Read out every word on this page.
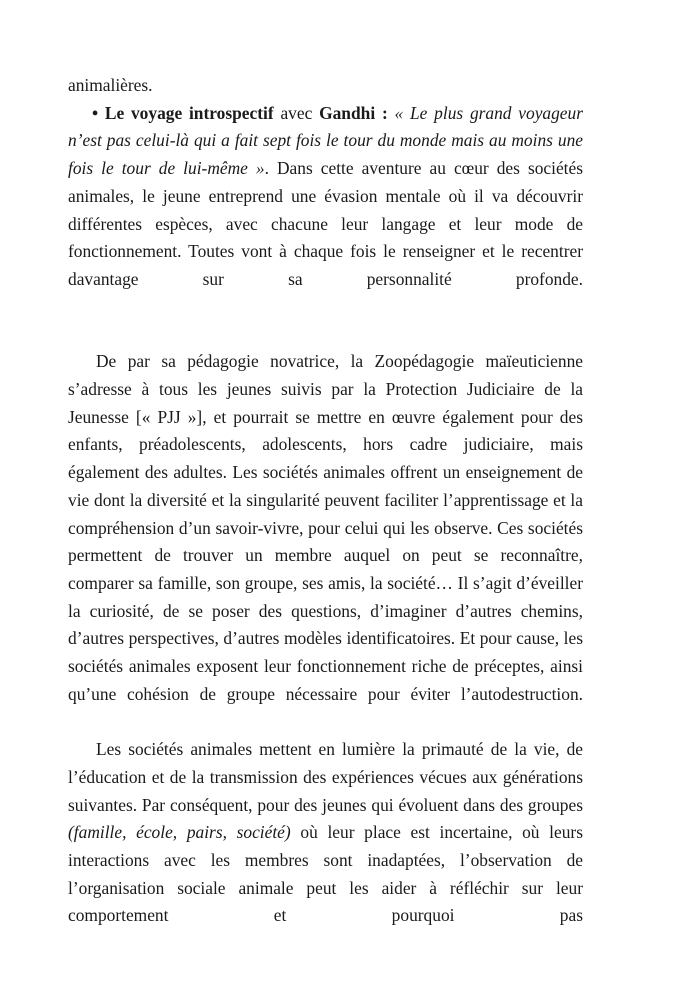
animalières.

• Le voyage introspectif avec Gandhi : « Le plus grand voyageur n’est pas celui-là qui a fait sept fois le tour du monde mais au moins une fois le tour de lui-même ». Dans cette aventure au cœur des sociétés animales, le jeune entreprend une évasion mentale où il va découvrir différentes espèces, avec chacune leur langage et leur mode de fonctionnement. Toutes vont à chaque fois le renseigner et le recentrer davantage sur sa personnalité profonde.

De par sa pédagogie novatrice, la Zoopédagogie maïeuticienne s’adresse à tous les jeunes suivis par la Protection Judiciaire de la Jeunesse [« PJJ »], et pourrait se mettre en œuvre également pour des enfants, préadolescents, adolescents, hors cadre judiciaire, mais également des adultes. Les sociétés animales offrent un enseignement de vie dont la diversité et la singularité peuvent faciliter l’apprentissage et la compréhension d’un savoir-vivre, pour celui qui les observe. Ces sociétés permettent de trouver un membre auquel on peut se reconnaître, comparer sa famille, son groupe, ses amis, la société… Il s’agit d’éveiller la curiosité, de se poser des questions, d’imaginer d’autres chemins, d’autres perspectives, d’autres modèles identificatoires. Et pour cause, les sociétés animales exposent leur fonctionnement riche de préceptes, ainsi qu’une cohésion de groupe nécessaire pour éviter l’autodestruction.

Les sociétés animales mettent en lumière la primauté de la vie, de l’éducation et de la transmission des expériences vécues aux générations suivantes. Par conséquent, pour des jeunes qui évoluent dans des groupes (famille, école, pairs, société) où leur place est incertaine, où leurs interactions avec les membres sont inadaptées, l’observation de l’organisation sociale animale peut les aider à réfléchir sur leur comportement et pourquoi pas
